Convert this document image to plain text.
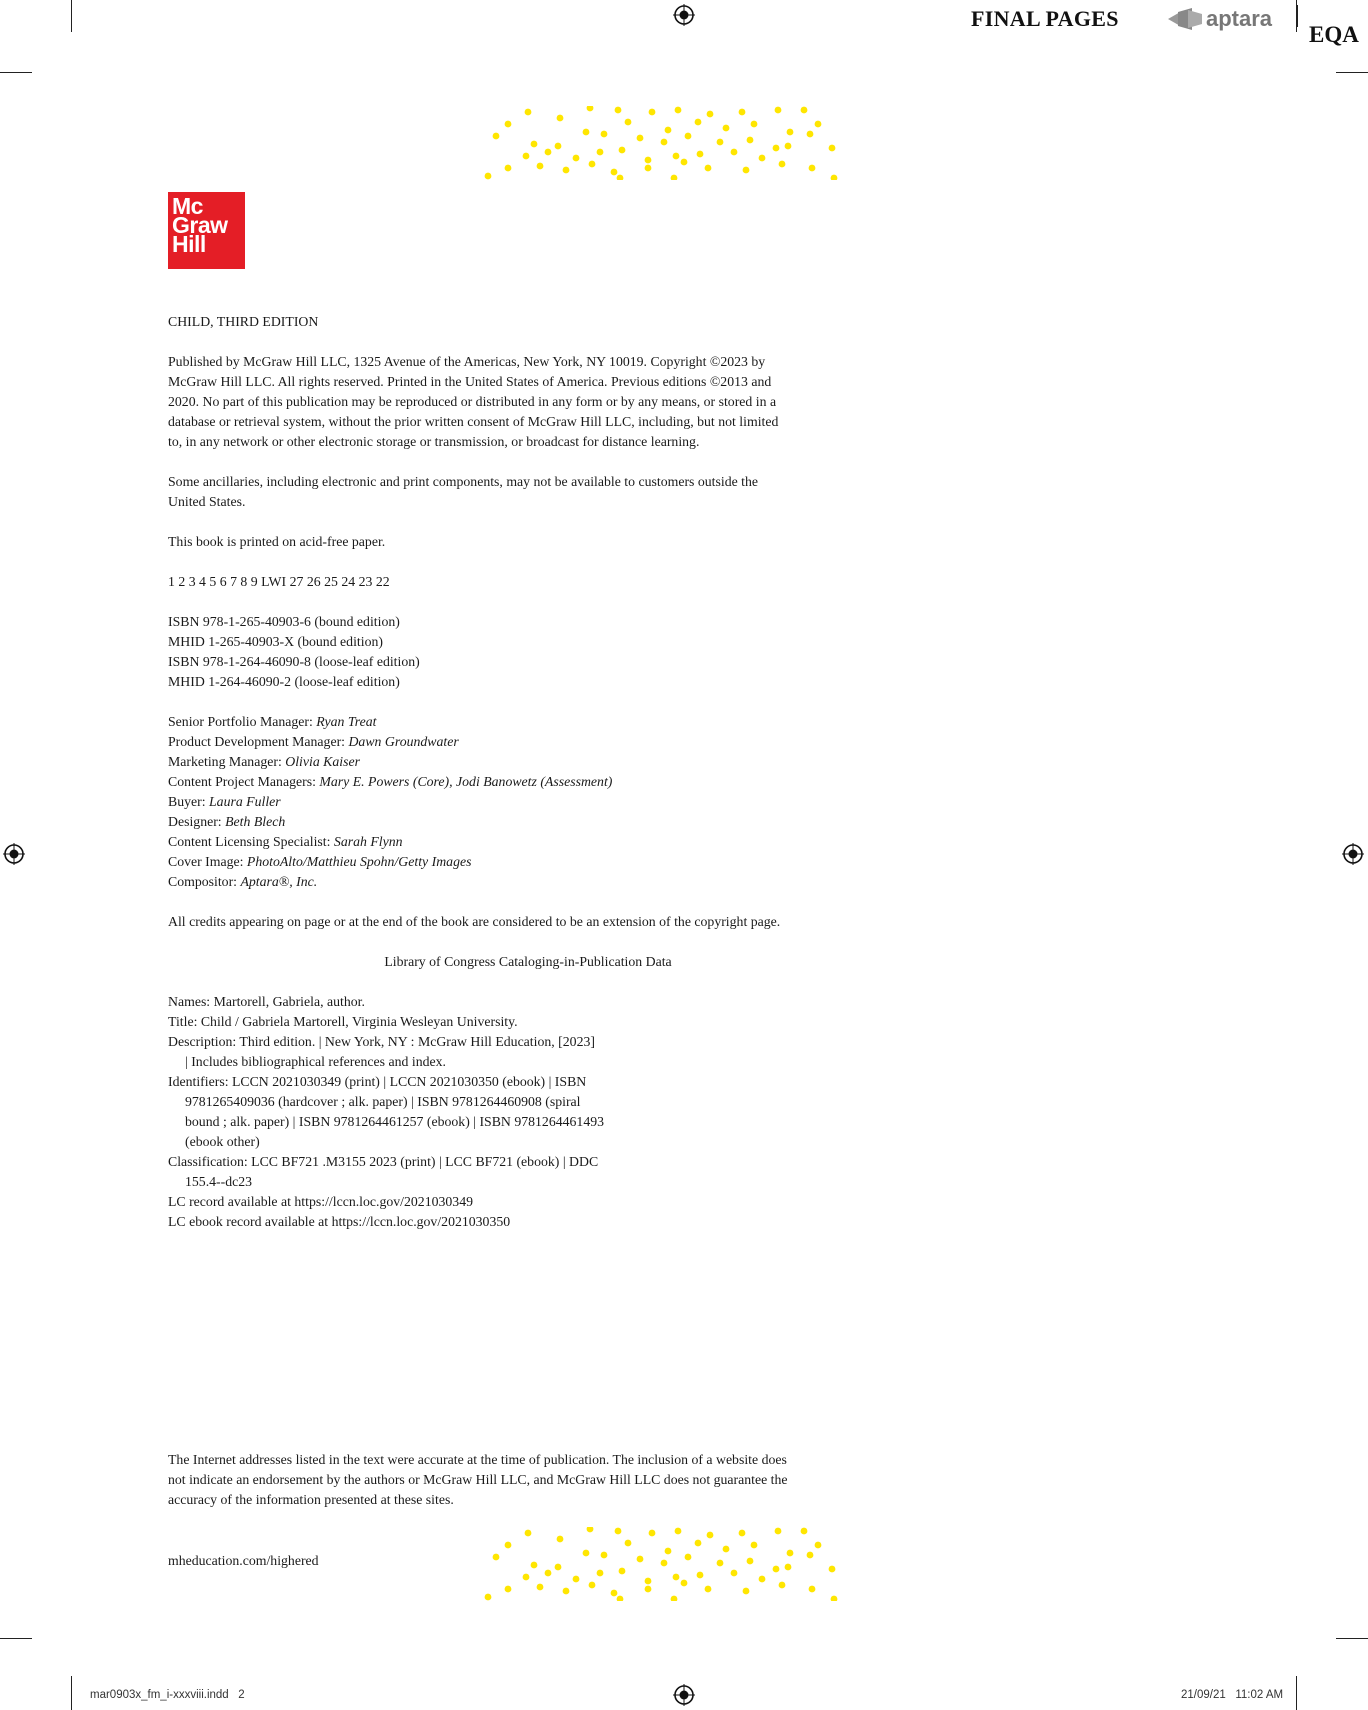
FINAL PAGES	aptara
EQA
Mc
Graw
Hill
CHILD, THIRD EDITION
Published by McGraw Hill LLC, 1325 Avenue of the Americas, New York, NY 10019. Copyright ©2023 by
McGraw Hill LLC. All rights reserved. Printed in the United States of America. Previous editions ©2013 and
2020. No part of this publication may be reproduced or distributed in any form or by any means, or stored in a
database or retrieval system, without the prior written consent of McGraw Hill LLC, including, but not limited
to, in any network or other electronic storage or transmission, or broadcast for distance learning.
Some ancillaries, including electronic and print components, may not be available to customers outside the
United States.
This book is printed on acid-free paper.
1 2 3 4 5 6 7 8 9 LWI 27 26 25 24 23 22
ISBN 978-1-265-40903-6 (bound edition)
MHID 1-265-40903-X (bound edition)
ISBN 978-1-264-46090-8 (loose-leaf edition)
MHID 1-264-46090-2 (loose-leaf edition)
Senior Portfolio Manager: Ryan Treat
Product Development Manager: Dawn Groundwater
Marketing Manager: Olivia Kaiser
Content Project Managers: Mary E. Powers (Core), Jodi Banowetz (Assessment)
Buyer: Laura Fuller
Designer: Beth Blech
Content Licensing Specialist: Sarah Flynn
Cover Image: PhotoAlto/Matthieu Spohn/Getty Images
Compositor: Aptara®, Inc.
All credits appearing on page or at the end of the book are considered to be an extension of the copyright page.
Library of Congress Cataloging-in-Publication Data
Names: Martorell, Gabriela, author.
Title: Child / Gabriela Martorell, Virginia Wesleyan University.
Description: Third edition. | New York, NY : McGraw Hill Education, [2023]
| Includes bibliographical references and index.
Identifiers: LCCN 2021030349 (print) | LCCN 2021030350 (ebook) | ISBN
9781265409036 (hardcover ; alk. paper) | ISBN 9781264460908 (spiral
bound ; alk. paper) | ISBN 9781264461257 (ebook) | ISBN 9781264461493
(ebook other)
Classification: LCC BF721 .M3155 2023 (print) | LCC BF721 (ebook) | DDC
155.4--dc23
LC record available at https://lccn.loc.gov/2021030349
LC ebook record available at https://lccn.loc.gov/2021030350
The Internet addresses listed in the text were accurate at the time of publication. The inclusion of a website does
not indicate an endorsement by the authors or McGraw Hill LLC, and McGraw Hill LLC does not guarantee the
accuracy of the information presented at these sites.
mheducation.com/highered
mar0903x_fm_i-xxxviii.indd   2	21/09/21   11:02 AM
